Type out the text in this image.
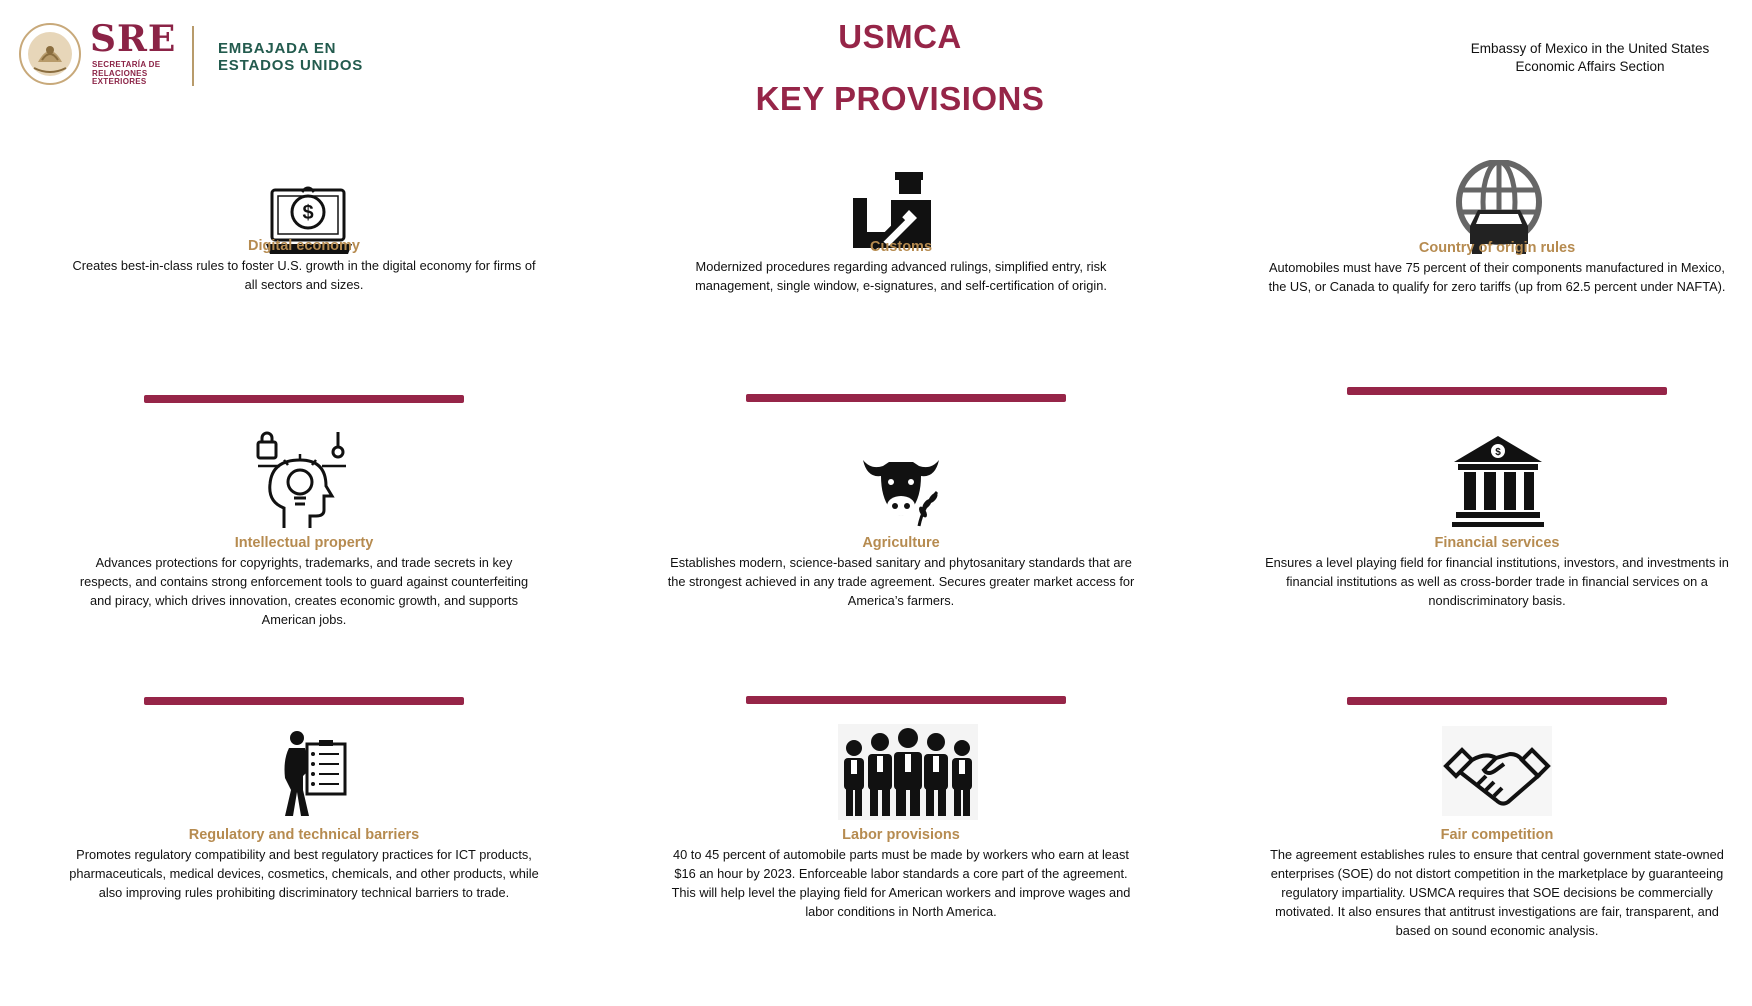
SRE
SECRETARÍA DE
RELACIONES
EXTERIORES
EMBAJADA EN
ESTADOS UNIDOS
USMCA
KEY PROVISIONS
Embassy of Mexico in the United States
Economic Affairs Section
$
Digital economy
Creates best-in-class rules to foster U.S. growth in the digital economy for firms of all sectors and sizes.
Customs
Modernized procedures regarding advanced rulings, simplified entry, risk management, single window, e-signatures, and self-certification of origin.
Country of origin rules
Automobiles must have 75 percent of their components manufactured in Mexico, the US, or Canada to qualify for zero tariffs (up from 62.5 percent under NAFTA).
Intellectual property
Advances protections for copyrights, trademarks, and trade secrets in key respects, and contains strong enforcement tools to guard against counterfeiting and piracy, which drives innovation, creates economic growth, and supports American jobs.
Agriculture
Establishes modern, science-based sanitary and phytosanitary standards that are the strongest achieved in any trade agreement. Secures greater market access for America’s farmers.
$
Financial services
Ensures a level playing field for financial institutions, investors, and investments in financial institutions as well as cross-border trade in financial services on a nondiscriminatory basis.
Regulatory and technical barriers
Promotes regulatory compatibility and best regulatory practices for ICT products, pharmaceuticals, medical devices, cosmetics, chemicals, and other products, while also improving rules prohibiting discriminatory technical barriers to trade.
Labor provisions
40 to 45 percent of automobile parts must be made by workers who earn at least $16 an hour by 2023. Enforceable labor standards a core part of the agreement. This will help level the playing field for American workers and improve wages and labor conditions in North America.
Fair competition
The agreement establishes rules to ensure that central government state-owned enterprises (SOE) do not distort competition in the marketplace by guaranteeing regulatory impartiality. USMCA requires that SOE decisions be commercially motivated. It also ensures that antitrust investigations are fair, transparent, and based on sound economic analysis.
